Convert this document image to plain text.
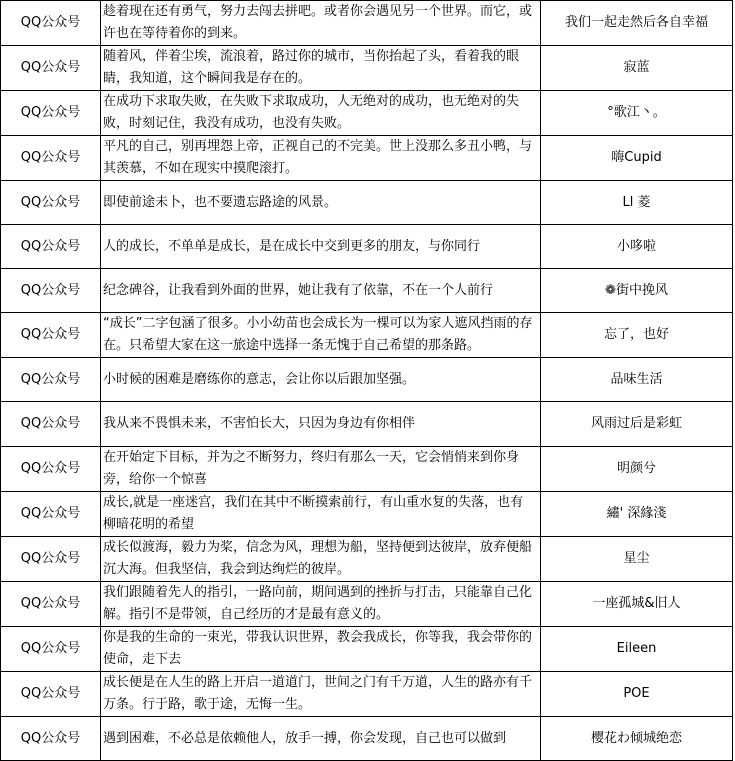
QQ公众号	趁着现在还有勇气，努力去闯去拼吧。或者你会遇见另一个世界。而它，或许也在等待着你的到来。	我们一起走然后各自幸福
QQ公众号	随着风，伴着尘埃，流浪着，路过你的城市，当你抬起了头，看着我的眼睛，我知道，这个瞬间我是存在的。	寂蓝
QQ公众号	在成功下求取失败，在失败下求取成功，人无绝对的成功，也无绝对的失败，时刻记住，我没有成功，也没有失败。	°歌江丶。
QQ公众号	平凡的自己，别再埋怨上帝，正视自己的不完美。世上没那么多丑小鸭，与其羡慕，不如在现实中摸爬滚打。	嗨Cupid
QQ公众号	即使前途未卜，也不要遗忘路途的风景。	Ll 菱
QQ公众号	人的成长，不单单是成长，是在成长中交到更多的朋友，与你同行	小哆啦
QQ公众号	纪念碑谷，让我看到外面的世界，她让我有了依靠，不在一个人前行	❁街中挽风
QQ公众号	“成长”二字包涵了很多。小小幼苗也会成长为一棵可以为家人遮风挡雨的存在。只希望大家在这一旅途中选择一条无愧于自己希望的那条路。	忘了，也好
QQ公众号	小时候的困难是磨练你的意志，会让你以后跟加坚强。	品味生活
QQ公众号	我从来不畏惧未来，不害怕长大，只因为身边有你相伴	风雨过后是彩虹
QQ公众号	在开始定下目标，并为之不断努力，终归有那么一天，它会悄悄来到你身旁，给你一个惊喜	明颜兮
QQ公众号	成长,就是一座迷宫，我们在其中不断摸索前行，有山重水复的失落，也有柳暗花明的希望	繡' 深緣淺
QQ公众号	成长似渡海，毅力为桨，信念为风，理想为船，坚持便到达彼岸，放弃便船沉大海。但我坚信，我会到达绚烂的彼岸。	星尘
QQ公众号	我们跟随着先人的指引，一路向前，期间遇到的挫折与打击，只能靠自己化解。指引不是带领，自己经历的才是最有意义的。	一座孤城&旧人
QQ公众号	你是我的生命的一束光，带我认识世界，教会我成长，你等我，我会带你的使命，走下去	Eileen
QQ公众号	成长便是在人生的路上开启一道道门，世间之门有千万道，人生的路亦有千万条。行于路，歌于途，无悔一生。	POE
QQ公众号	遇到困难，不必总是依赖他人，放手一搏，你会发现，自己也可以做到	樱花わ倾城绝恋
